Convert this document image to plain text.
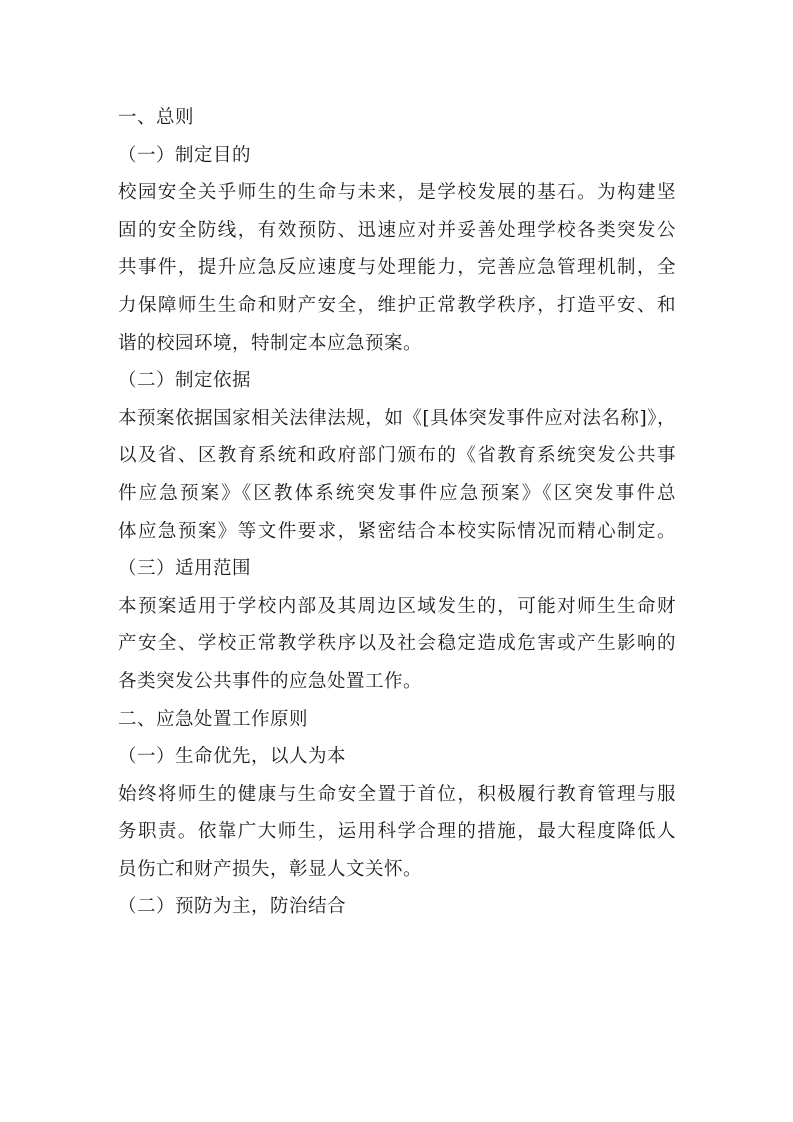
一、总则
（一）制定目的
校园安全关乎师生的生命与未来，是学校发展的基石。为构建坚
固的安全防线，有效预防、迅速应对并妥善处理学校各类突发公
共事件，提升应急反应速度与处理能力，完善应急管理机制，全
力保障师生生命和财产安全，维护正常教学秩序，打造平安、和
谐的校园环境，特制定本应急预案。
（二）制定依据
本预案依据国家相关法律法规，如《[具体突发事件应对法名称]》，
以及省、区教育系统和政府部门颁布的《省教育系统突发公共事
件应急预案》《区教体系统突发事件应急预案》《区突发事件总
体应急预案》等文件要求，紧密结合本校实际情况而精心制定。
（三）适用范围
本预案适用于学校内部及其周边区域发生的，可能对师生生命财
产安全、学校正常教学秩序以及社会稳定造成危害或产生影响的
各类突发公共事件的应急处置工作。
二、应急处置工作原则
（一）生命优先，以人为本
始终将师生的健康与生命安全置于首位，积极履行教育管理与服
务职责。依靠广大师生，运用科学合理的措施，最大程度降低人
员伤亡和财产损失，彰显人文关怀。
（二）预防为主，防治结合
